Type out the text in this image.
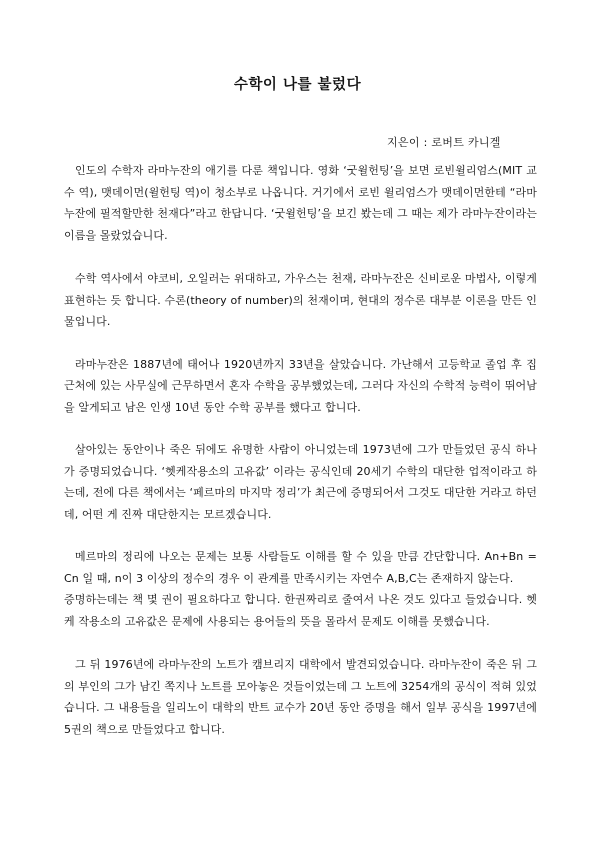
수학이 나를 불렀다

지은이 : 로버트 카니겔

인도의 수학자 라마누잔의 애기를 다룬 책입니다. 영화 ‘굿윌헌팅’을 보면 로빈윌리엄스(MIT 교수 역), 맷데이먼(윌헌팅 역)이 청소부로 나옵니다. 거기에서 로빈 윌리엄스가 맷데이먼한테 “라마누잔에 필적할만한 천재다”라고 한답니다. ‘굿윌헌팅’을 보긴 봤는데 그 때는 제가 라마누잔이라는 이름을 몰랐었습니다.

수학 역사에서 야코비, 오일러는 위대하고, 가우스는 천재, 라마누잔은 신비로운 마법사, 이렇게 표현하는 듯 합니다. 수론(theory of number)의 천재이며, 현대의 정수론 대부분 이론을 만든 인물입니다.

라마누잔은 1887년에 태어나 1920년까지 33년을 살았습니다. 가난해서 고등학교 졸업 후 집 근처에 있는 사무실에 근무하면서 혼자 수학을 공부했었는데, 그러다 자신의 수학적 능력이 뛰어남을 알게되고 남은 인생 10년 동안 수학 공부를 했다고 합니다.

살아있는 동안이나 죽은 뒤에도 유명한 사람이 아니었는데 1973년에 그가 만들었던 공식 하나가 증명되었습니다. ‘헷케작용소의 고유값’ 이라는 공식인데 20세기 수학의 대단한 업적이라고 하는데, 전에 다른 책에서는 ‘페르마의 마지막 정리’가 최근에 증명되어서 그것도 대단한 거라고 하던데, 어떤 게 진짜 대단한지는 모르겠습니다.

메르마의 정리에 나오는 문제는 보통 사람들도 이해를 할 수 있을 만큼 간단합니다. An+Bn = Cn 일 때, n이 3 이상의 정수의 경우 이 관계를 만족시키는 자연수 A,B,C는 존재하지 않는다.

증명하는데는 책 몇 권이 필요하다고 합니다. 한권짜리로 줄여서 나온 것도 있다고 들었습니다. 헷케 작용소의 고유값은 문제에 사용되는 용어들의 뜻을 몰라서 문제도 이해를 못했습니다.

그 뒤 1976년에 라마누잔의 노트가 캠브리지 대학에서 발견되었습니다. 라마누잔이 죽은 뒤 그의 부인의 그가 남긴 쪽지나 노트를 모아놓은 것들이었는데 그 노트에 3254개의 공식이 적혀 있었습니다. 그 내용들을 일리노이 대학의 반트 교수가 20년 동안 증명을 해서 일부 공식을 1997년에 5권의 책으로 만들었다고 합니다.
